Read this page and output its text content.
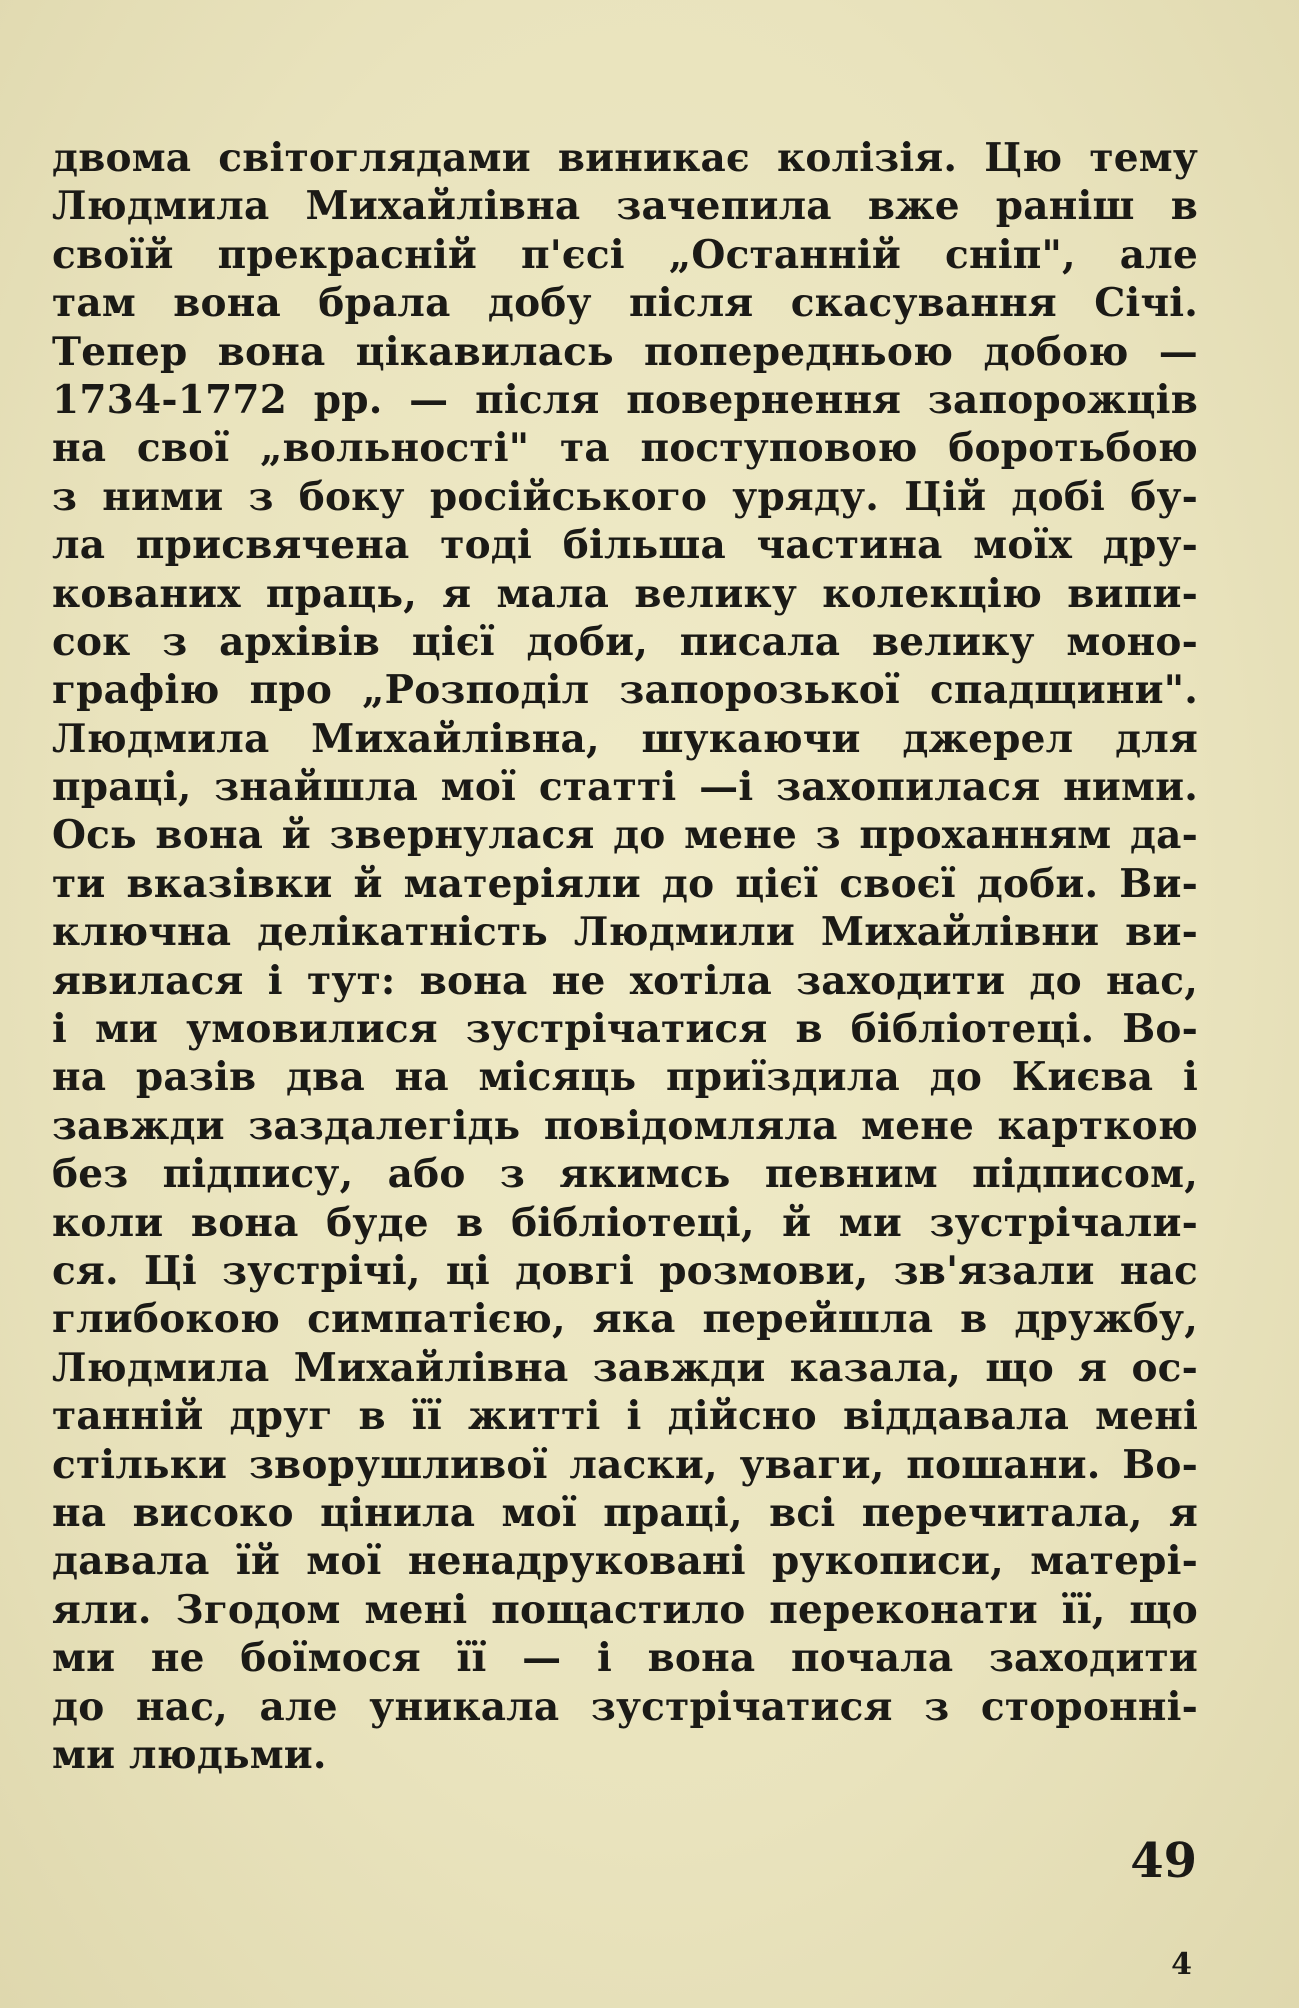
двома світоглядами виникає колізія. Цю тему
Людмила Михайлівна зачепила вже раніш в
своїй прекрасній п'єсі „Останній сніп", але
там вона брала добу після скасування Січі.
Тепер вона цікавилась попередньою добою —
1734-1772 рр. — після повернення запорожців
на свої „вольності" та поступовою боротьбою
з ними з боку російського уряду. Цій добі бу-
ла присвячена тоді більша частина моїх дру-
кованих праць, я мала велику колекцію випи-
сок з архівів цієї доби, писала велику моно-
графію про „Розподіл запорозької спадщини".
Людмила Михайлівна, шукаючи джерел для
праці, знайшла мої статті —і захопилася ними.
Ось вона й звернулася до мене з проханням да-
ти вказівки й матеріяли до цієї своєї доби. Ви-
ключна делікатність Людмили Михайлівни ви-
явилася і тут: вона не хотіла заходити до нас,
і ми умовилися зустрічатися в бібліотеці. Во-
на разів два на місяць приїздила до Києва і
завжди заздалегідь повідомляла мене карткою
без підпису, або з якимсь певним підписом,
коли вона буде в бібліотеці, й ми зустрічали-
ся. Ці зустрічі, ці довгі розмови, зв'язали нас
глибокою симпатією, яка перейшла в дружбу,
Людмила Михайлівна завжди казала, що я ос-
танній друг в її житті і дійсно віддавала мені
стільки зворушливої ласки, уваги, пошани. Во-
на високо цінила мої праці, всі перечитала, я
давала їй мої ненадруковані рукописи, матері-
яли. Згодом мені пощастило переконати її, що
ми не боїмося її — і вона почала заходити
до нас, але уникала зустрічатися з сторонні-
ми людьми.
49
4
